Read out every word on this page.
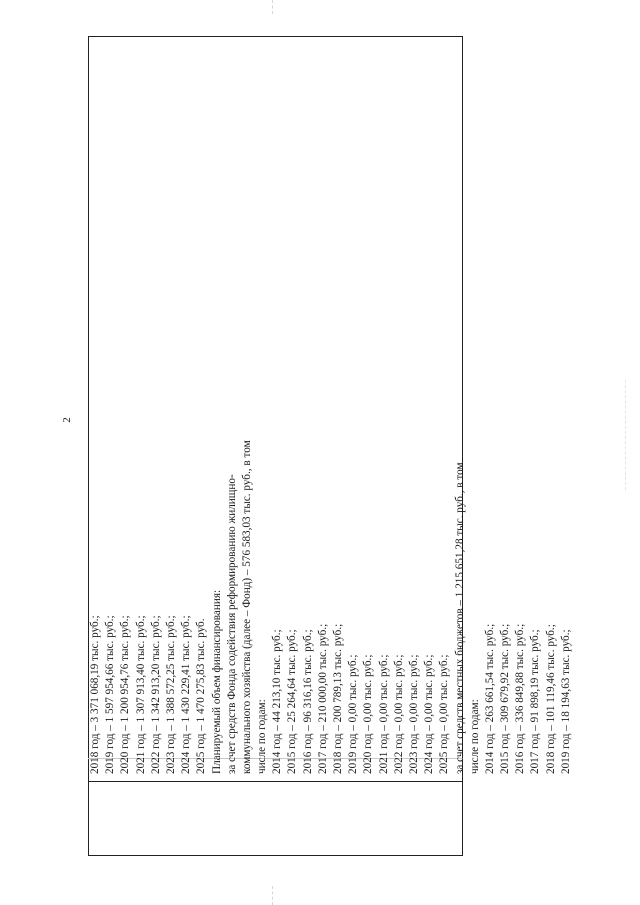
2
2018 год – 3 371 068,19 тыс. руб.; 2019 год – 1 597 954,66 тыс. руб.; 2020 год – 1 200 954,76 тыс. руб.; 2021 год – 1 307 913,40 тыс. руб.; 2022 год – 1 342 913,20 тыс. руб.; 2023 год – 1 388 572,25 тыс. руб.; 2024 год – 1 430 229,41 тыс. руб.; 2025 год – 1 470 275,83 тыс. руб. Планируемый объем финансирования: за счет средств Фонда содействия реформированию жилищно- коммунального хозяйства (далее – Фонд) – 576 583,03 тыс. руб., в том числе по годам: 2014 год – 44 213,10 тыс. руб.; 2015 год – 25 264,64 тыс. руб.; 2016 год – 96 316,16 тыс. руб.; 2017 год – 210 000,00 тыс. руб.; 2018 год – 200 789,13 тыс. руб.; 2019 год – 0,00 тыс. руб.; 2020 год – 0,00 тыс. руб.; 2021 год – 0,00 тыс. руб.; 2022 год – 0,00 тыс. руб.; 2023 год – 0,00 тыс. руб.; 2024 год – 0,00 тыс. руб.; 2025 год – 0,00 тыс. руб.; за счет средств местных бюджетов – 1 215 651,28 тыс. руб., в том числе по годам: 2014 год – 263 661,54 тыс. руб.; 2015 год – 309 679,92 тыс. руб.; 2016 год – 336 849,88 тыс. руб.; 2017 год – 91 898,19 тыс. руб.; 2018 год – 101 119,46 тыс. руб.; 2019 год – 18 194,63 тыс. руб.;
